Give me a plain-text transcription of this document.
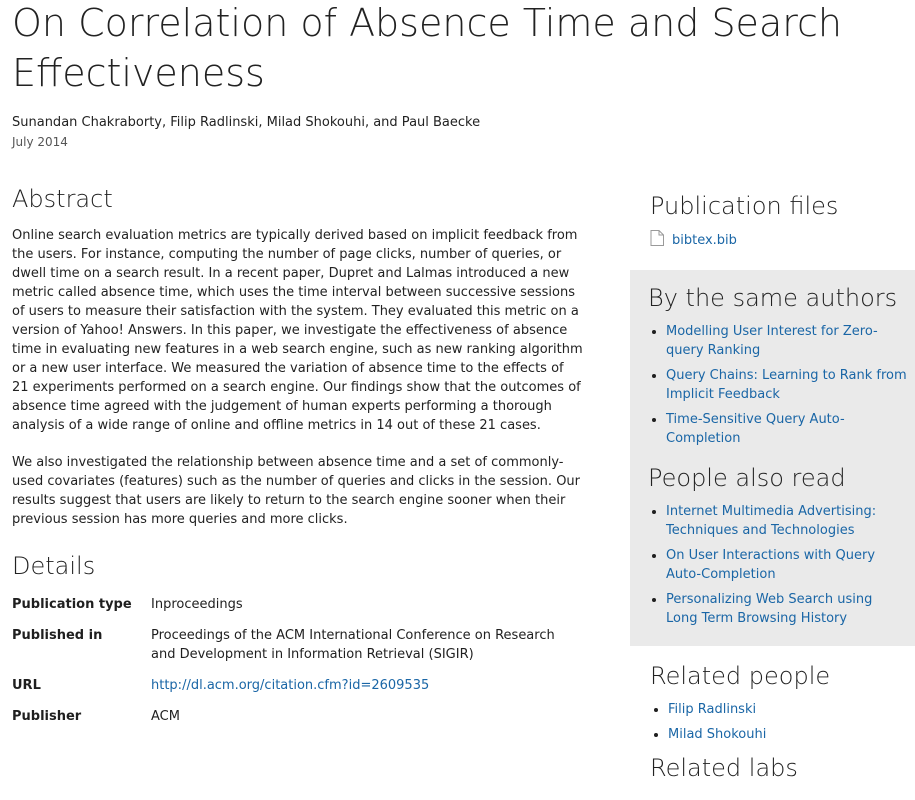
On Correlation of Absence Time and Search Effectiveness
Sunandan Chakraborty, Filip Radlinski, Milad Shokouhi, and Paul Baecke
July 2014
Abstract

Online search evaluation metrics are typically derived based on implicit feedback from the users. For instance, computing the number of page clicks, number of queries, or dwell time on a search result. In a recent paper, Dupret and Lalmas introduced a new metric called absence time, which uses the time interval between successive sessions of users to measure their satisfaction with the system. They evaluated this metric on a version of Yahoo! Answers. In this paper, we investigate the effectiveness of absence time in evaluating new features in a web search engine, such as new ranking algorithm or a new user interface. We measured the variation of absence time to the effects of 21 experiments performed on a search engine. Our findings show that the outcomes of absence time agreed with the judgement of human experts performing a thorough analysis of a wide range of online and offline metrics in 14 out of these 21 cases.

We also investigated the relationship between absence time and a set of commonly-used covariates (features) such as the number of queries and clicks in the session. Our results suggest that users are likely to return to the search engine sooner when their previous session has more queries and more clicks.

Details
Publication type	Inproceedings
Published in	Proceedings of the ACM International Conference on Research and Development in Information Retrieval (SIGIR)
URL	http://dl.acm.org/citation.cfm?id=2609535
Publisher	ACM
Publication files
bibtex.bib
By the same authors
• Modelling User Interest for Zero-query Ranking
• Query Chains: Learning to Rank from Implicit Feedback
• Time-Sensitive Query Auto-Completion
People also read
• Internet Multimedia Advertising: Techniques and Technologies
• On User Interactions with Query Auto-Completion
• Personalizing Web Search using Long Term Browsing History
Related people
• Filip Radlinski
• Milad Shokouhi
Related labs
